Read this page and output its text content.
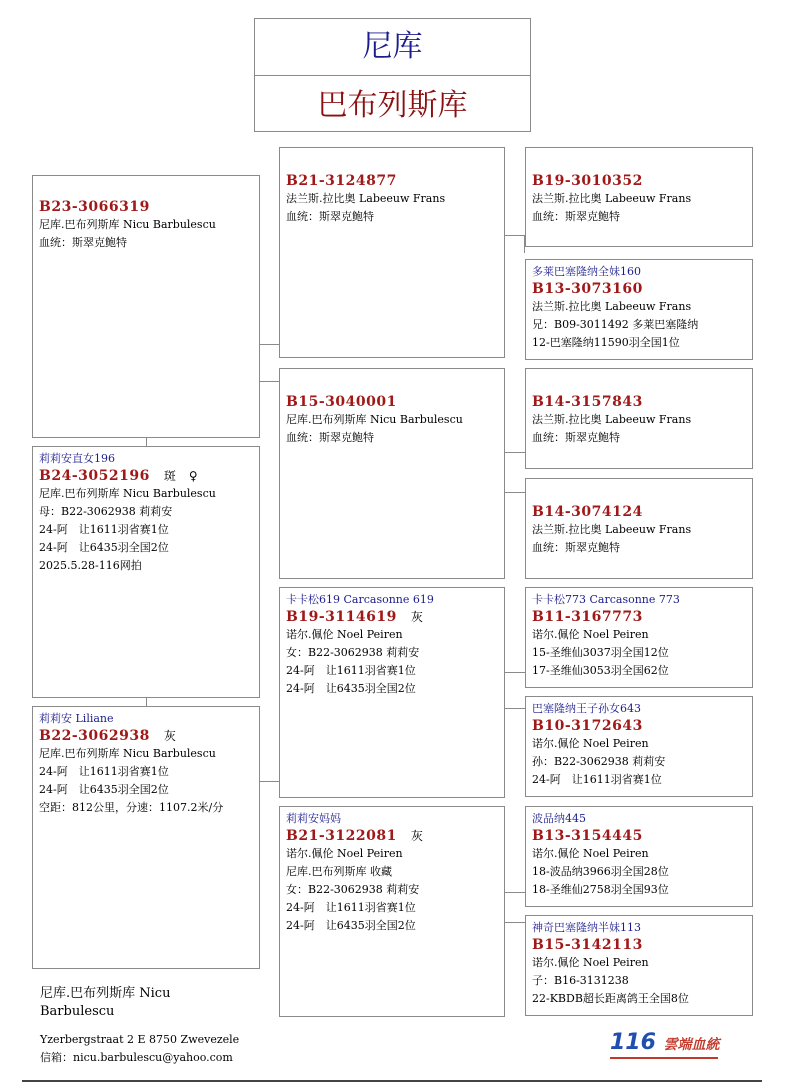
尼库
巴布列斯库
B23-3066319
尼库.巴布列斯库 Nicu Barbulescu
血统：斯翠克鲍特
莉莉安直女196
B24-3052196 斑　♀
尼库.巴布列斯库 Nicu Barbulescu
母：B22-3062938 莉莉安
24-阿　让1611羽省赛1位
24-阿　让6435羽全国2位
2025.5.28-116网拍
莉莉安 Liliane
B22-3062938 灰
尼库.巴布列斯库 Nicu Barbulescu
24-阿　让1611羽省赛1位
24-阿　让6435羽全国2位
空距：812公里，分速：1107.2米/分
B21-3124877
法兰斯.拉比奥 Labeeuw Frans
血统：斯翠克鲍特
B15-3040001
尼库.巴布列斯库 Nicu Barbulescu
血统：斯翠克鲍特
卡卡松619 Carcasonne 619
B19-3114619 灰
诺尔.佩伦 Noel Peiren
女：B22-3062938 莉莉安
24-阿　让1611羽省赛1位
24-阿　让6435羽全国2位
莉莉安妈妈
B21-3122081 灰
诺尔.佩伦 Noel Peiren
尼库.巴布列斯库 收藏
女：B22-3062938 莉莉安
24-阿　让1611羽省赛1位
24-阿　让6435羽全国2位
B19-3010352
法兰斯.拉比奥 Labeeuw Frans
血统：斯翠克鲍特
多莱巴塞隆纳全妹160
B13-3073160
法兰斯.拉比奥 Labeeuw Frans
兄：B09-3011492 多莱巴塞隆纳
12-巴塞隆纳11590羽全国1位
B14-3157843
法兰斯.拉比奥 Labeeuw Frans
血统：斯翠克鲍特
B14-3074124
法兰斯.拉比奥 Labeeuw Frans
血统：斯翠克鲍特
卡卡松773 Carcasonne 773
B11-3167773
诺尔.佩伦 Noel Peiren
15-圣维仙3037羽全国12位
17-圣维仙3053羽全国62位
巴塞隆纳王子孙女643
B10-3172643
诺尔.佩伦 Noel Peiren
孙：B22-3062938 莉莉安
24-阿　让1611羽省赛1位
波品纳445
B13-3154445
诺尔.佩伦 Noel Peiren
18-波品纳3966羽全国28位
18-圣维仙2758羽全国93位
神奇巴塞隆纳半妹113
B15-3142113
诺尔.佩伦 Noel Peiren
子：B16-3131238
22-KBDB超长距离鸽王全国8位
尼库.巴布列斯库 Nicu
Barbulescu
Yzerbergstraat 2 E 8750 Zwevezele
信箱：nicu.barbulescu@yahoo.com
116 雲端血統
